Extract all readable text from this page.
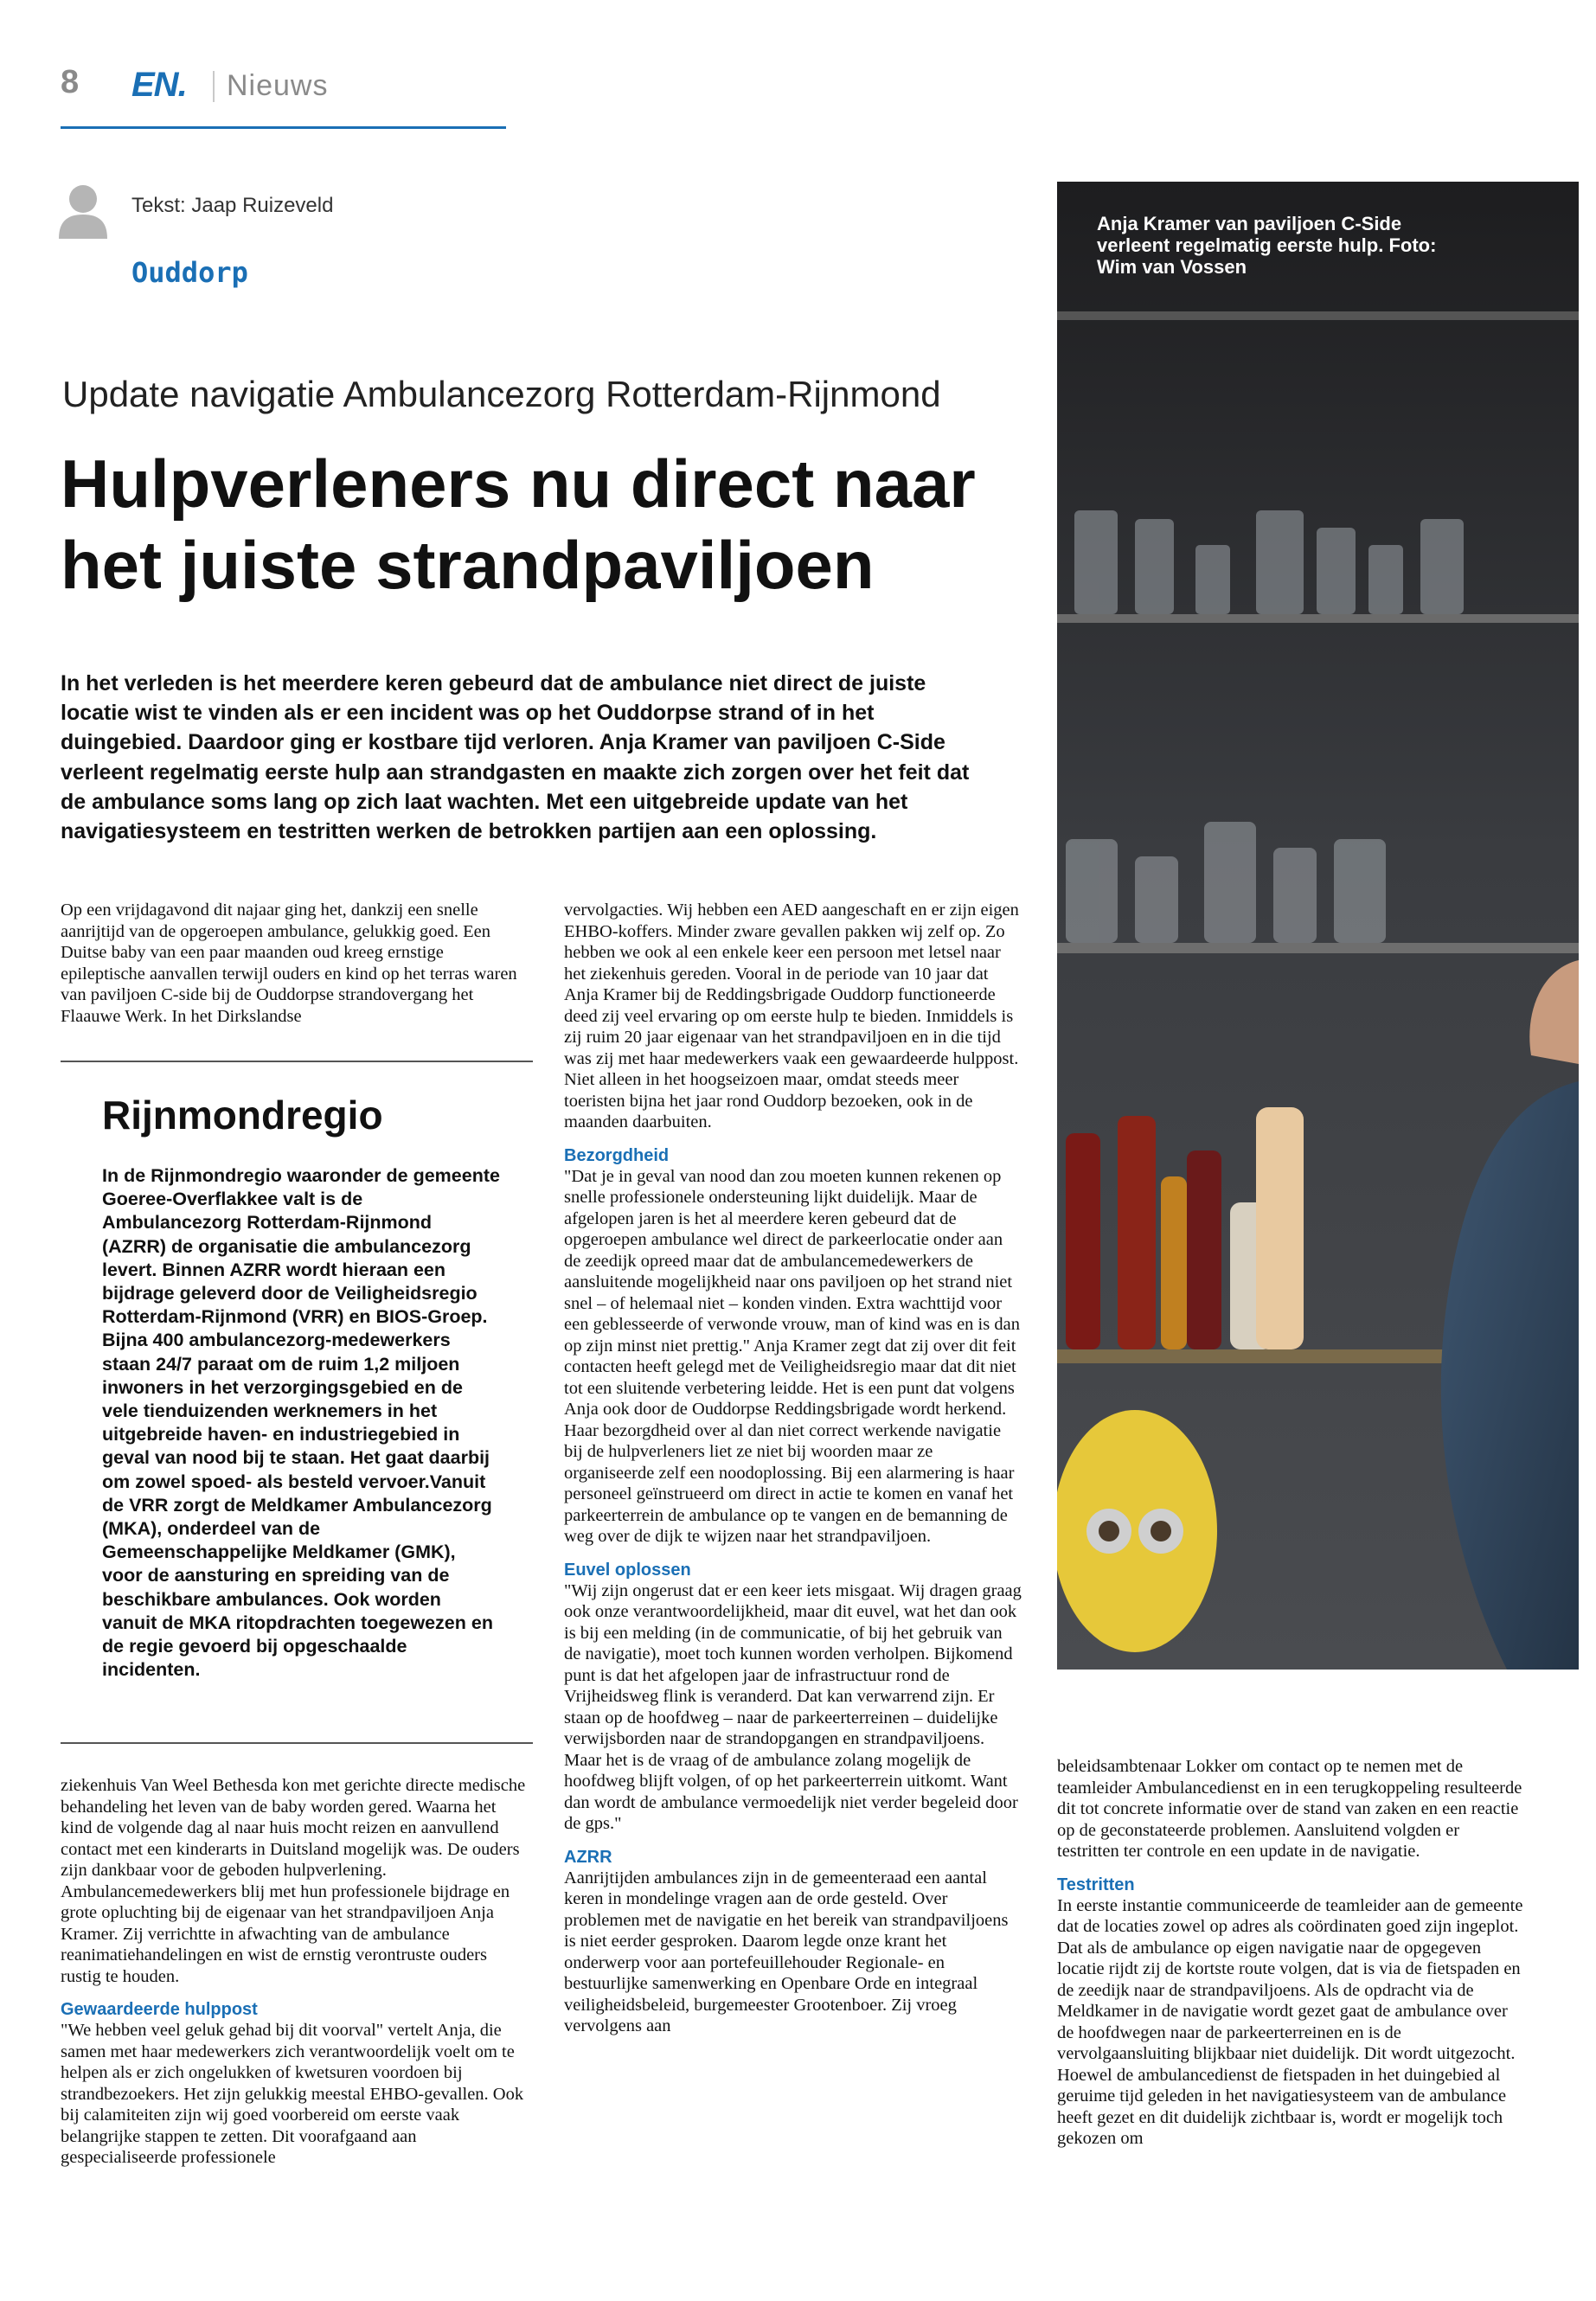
8 EN. Nieuws
Tekst: Jaap Ruizeveld
Ouddorp
Anja Kramer van paviljoen C-Side verleent regelmatig eerste hulp. Foto: Wim van Vossen
Update navigatie Ambulancezorg Rotterdam-Rijnmond
Hulpverleners nu direct naar het juiste strandpaviljoen
In het verleden is het meerdere keren gebeurd dat de ambulance niet direct de juiste locatie wist te vinden als er een incident was op het Ouddorpse strand of in het duingebied. Daardoor ging er kostbare tijd verloren. Anja Kramer van paviljoen C-Side verleent regelmatig eerste hulp aan strandgasten en maakte zich zorgen over het feit dat de ambulance soms lang op zich laat wachten. Met een uitgebreide update van het navigatiesysteem en testritten werken de betrokken partijen aan een oplossing.

Op een vrijdagavond dit najaar ging het, dankzij een snelle aanrijtijd van de opgeroepen ambulance, gelukkig goed. Een Duitse baby van een paar maanden oud kreeg ernstige epileptische aanvallen terwijl ouders en kind op het terras waren van paviljoen C-side bij de Ouddorpse strandovergang het Flaauwe Werk. In het Dirkslandse

Rijnmondregio
In de Rijnmondregio waaronder de gemeente Goeree-Overflakkee valt is de Ambulancezorg Rotterdam-Rijnmond (AZRR) de organisatie die ambulancezorg levert. Binnen AZRR wordt hieraan een bijdrage geleverd door de Veiligheidsregio Rotterdam-Rijnmond (VRR) en BIOS-Groep. Bijna 400 ambulancezorg-medewerkers staan 24/7 paraat om de ruim 1,2 miljoen inwoners in het verzorgingsgebied en de vele tienduizenden werknemers in het uitgebreide haven- en industriegebied in geval van nood bij te staan. Het gaat daarbij om zowel spoed- als besteld vervoer.Vanuit de VRR zorgt de Meldkamer Ambulancezorg (MKA), onderdeel van de Gemeenschappelijke Meldkamer (GMK), voor de aansturing en spreiding van de beschikbare ambulances. Ook worden vanuit de MKA ritopdrachten toegewezen en de regie gevoerd bij opgeschaalde incidenten.

ziekenhuis Van Weel Bethesda kon met gerichte directe medische behandeling het leven van de baby worden gered. Waarna het kind de volgende dag al naar huis mocht reizen en aanvullend contact met een kinderarts in Duitsland mogelijk was. De ouders zijn dankbaar voor de geboden hulpverlening. Ambulancemedewerkers blij met hun professionele bijdrage en grote opluchting bij de eigenaar van het strandpaviljoen Anja Kramer. Zij verrichtte in afwachting van de ambulance reanimatiehandelingen en wist de ernstig verontruste ouders rustig te houden.

Gewaardeerde hulppost

"We hebben veel geluk gehad bij dit voorval" vertelt Anja, die samen met haar medewerkers zich verantwoordelijk voelt om te helpen als er zich ongelukken of kwetsuren voordoen bij strandbezoekers. Het zijn gelukkig meestal EHBO-gevallen. Ook bij calamiteiten zijn wij goed voorbereid om eerste vaak belangrijke stappen te zetten. Dit voorafgaand aan gespecialiseerde professionele

vervolgacties. Wij hebben een AED aangeschaft en er zijn eigen EHBO-koffers. Minder zware gevallen pakken wij zelf op. Zo hebben we ook al een enkele keer een persoon met letsel naar het ziekenhuis gereden. Vooral in de periode van 10 jaar dat Anja Kramer bij de Reddingsbrigade Ouddorp functioneerde deed zij veel ervaring op om eerste hulp te bieden. Inmiddels is zij ruim 20 jaar eigenaar van het strandpaviljoen en in die tijd was zij met haar medewerkers vaak een gewaardeerde hulppost. Niet alleen in het hoogseizoen maar, omdat steeds meer toeristen bijna het jaar rond Ouddorp bezoeken, ook in de maanden daarbuiten.

Bezorgdheid

"Dat je in geval van nood dan zou moeten kunnen rekenen op snelle professionele ondersteuning lijkt duidelijk. Maar de afgelopen jaren is het al meerdere keren gebeurd dat de opgeroepen ambulance wel direct de parkeerlocatie onder aan de zeedijk opreed maar dat de ambulancemedewerkers de aansluitende mogelijkheid naar ons paviljoen op het strand niet snel – of helemaal niet – konden vinden. Extra wachttijd voor een geblesseerde of verwonde vrouw, man of kind was en is dan op zijn minst niet prettig." Anja Kramer zegt dat zij over dit feit contacten heeft gelegd met de Veiligheidsregio maar dat dit niet tot een sluitende verbetering leidde. Het is een punt dat volgens Anja ook door de Ouddorpse Reddingsbrigade wordt herkend. Haar bezorgdheid over al dan niet correct werkende navigatie bij de hulpverleners liet ze niet bij woorden maar ze organiseerde zelf een noodoplossing. Bij een alarmering is haar personeel geïnstrueerd om direct in actie te komen en vanaf het parkeerterrein de ambulance op te vangen en de bemanning de weg over de dijk te wijzen naar het strandpaviljoen.

Euvel oplossen

"Wij zijn ongerust dat er een keer iets misgaat. Wij dragen graag ook onze verantwoordelijkheid, maar dit euvel, wat het dan ook is bij een melding (in de communicatie, of bij het gebruik van de navigatie), moet toch kunnen worden verholpen. Bijkomend punt is dat het afgelopen jaar de infrastructuur rond de Vrijheidsweg flink is veranderd. Dat kan verwarrend zijn. Er staan op de hoofdweg – naar de parkeerterreinen – duidelijke verwijsborden naar de strandopgangen en strandpaviljoens. Maar het is de vraag of de ambulance zolang mogelijk de hoofdweg blijft volgen, of op het parkeerterrein uitkomt. Want dan wordt de ambulance vermoedelijk niet verder begeleid door de gps."

AZRR

Aanrijtijden ambulances zijn in de gemeenteraad een aantal keren in mondelinge vragen aan de orde gesteld. Over problemen met de navigatie en het bereik van strandpaviljoens is niet eerder gesproken. Daarom legde onze krant het onderwerp voor aan portefeuillehouder Regionale- en bestuurlijke samenwerking en Openbare Orde en integraal veiligheidsbeleid, burgemeester Grootenboer. Zij vroeg vervolgens aan

beleidsambtenaar Lokker om contact op te nemen met de teamleider Ambulancedienst en in een terugkoppeling resulteerde dit tot concrete informatie over de stand van zaken en een reactie op de geconstateerde problemen. Aansluitend volgden er testritten ter controle en een update in de navigatie.

Testritten

In eerste instantie communiceerde de teamleider aan de gemeente dat de locaties zowel op adres als coördinaten goed zijn ingeplot. Dat als de ambulance op eigen navigatie naar de opgegeven locatie rijdt zij de kortste route volgen, dat is via de fietspaden en de zeedijk naar de strandpaviljoens. Als de opdracht via de Meldkamer in de navigatie wordt gezet gaat de ambulance over de hoofdwegen naar de parkeerterreinen en is de vervolgaansluiting blijkbaar niet duidelijk. Dit wordt uitgezocht. Hoewel de ambulancedienst de fietspaden in het duingebied al geruime tijd geleden in het navigatiesysteem van de ambulance heeft gezet en dit duidelijk zichtbaar is, wordt er mogelijk toch gekozen om
